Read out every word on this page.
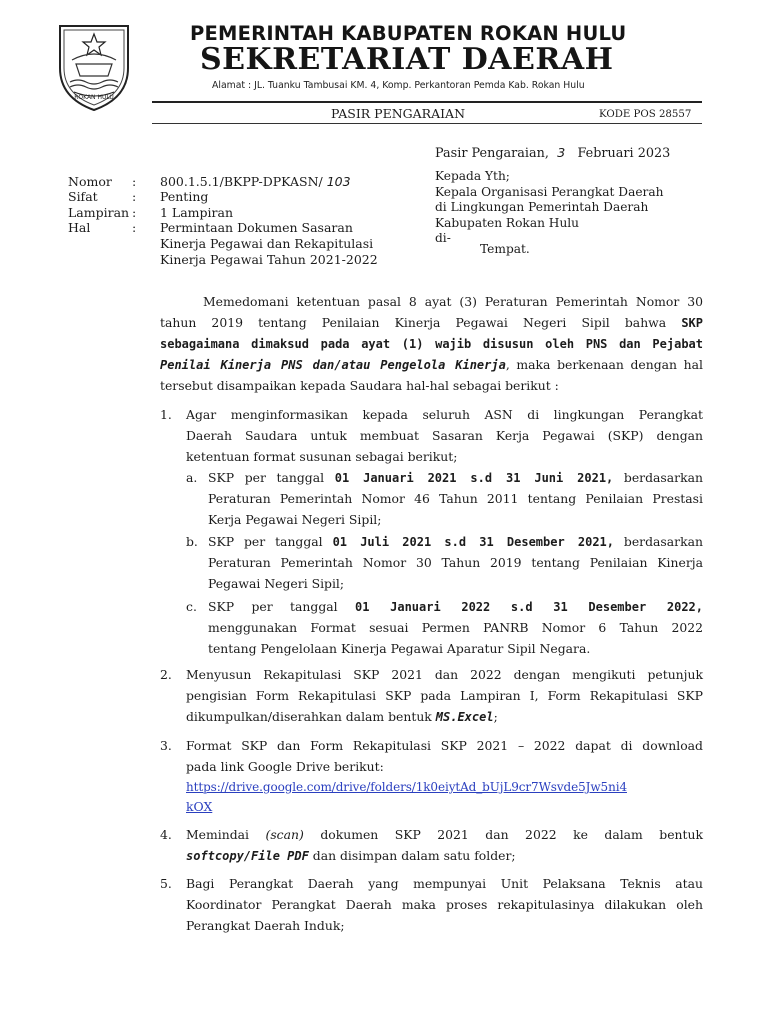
ROKAN HULU
PEMERINTAH KABUPATEN ROKAN HULU
SEKRETARIAT DAERAH
Alamat : JL. Tuanku Tambusai KM. 4, Komp. Perkantoran Pemda Kab. Rokan Hulu
PASIR PENGARAIAN	KODE POS 28557
Pasir Pengaraian, 3 Februari 2023
Kepada Yth;
Kepala Organisasi Perangkat Daerah
di Lingkungan Pemerintah Daerah
Kabupaten Rokan Hulu
di-
Tempat.
Nomor : 800.1.5.1/BKPP-DPKASN/ 103
Sifat	: Penting
Lampiran : 1 Lampiran
Hal	: Permintaan Dokumen Sasaran
Kinerja Pegawai dan Rekapitulasi
Kinerja Pegawai Tahun 2021-2022
Memedomani ketentuan pasal 8 ayat (3) Peraturan Pemerintah Nomor 30
tahun 2019 tentang Penilaian Kinerja Pegawai Negeri Sipil bahwa SKP
sebagaimana dimaksud pada ayat (1) wajib disusun oleh PNS dan Pejabat
Penilai Kinerja PNS dan/atau Pengelola Kinerja, maka berkenaan dengan hal
tersebut disampaikan kepada Saudara hal-hal sebagai berikut :
1. Agar menginformasikan kepada seluruh ASN di lingkungan Perangkat
Daerah Saudara untuk membuat Sasaran Kerja Pegawai (SKP) dengan
ketentuan format susunan sebagai berikut;
a. SKP per tanggal 01 Januari 2021 s.d 31 Juni 2021, berdasarkan
Peraturan Pemerintah Nomor 46 Tahun 2011 tentang Penilaian Prestasi
Kerja Pegawai Negeri Sipil;
b. SKP per tanggal 01 Juli 2021 s.d 31 Desember 2021, berdasarkan
Peraturan Pemerintah Nomor 30 Tahun 2019 tentang Penilaian Kinerja
Pegawai Negeri Sipil;
c. SKP per tanggal 01 Januari 2022 s.d 31 Desember 2022,
menggunakan Format sesuai Permen PANRB Nomor 6 Tahun 2022
tentang Pengelolaan Kinerja Pegawai Aparatur Sipil Negara.
2. Menyusun Rekapitulasi SKP 2021 dan 2022 dengan mengikuti petunjuk
pengisian Form Rekapitulasi SKP pada Lampiran I, Form Rekapitulasi SKP
dikumpulkan/diserahkan dalam bentuk MS.Excel;
3. Format SKP dan Form Rekapitulasi SKP 2021 – 2022 dapat di download
pada link Google Drive berikut:
https://drive.google.com/drive/folders/1k0eiytAd_bUjL9cr7Wsvde5Jw5ni4
kOX
4. Memindai (scan) dokumen SKP 2021 dan 2022 ke dalam bentuk
softcopy/File PDF dan disimpan dalam satu folder;
5. Bagi Perangkat Daerah yang mempunyai Unit Pelaksana Teknis atau
Koordinator Perangkat Daerah maka proses rekapitulasinya dilakukan oleh
Perangkat Daerah Induk;
